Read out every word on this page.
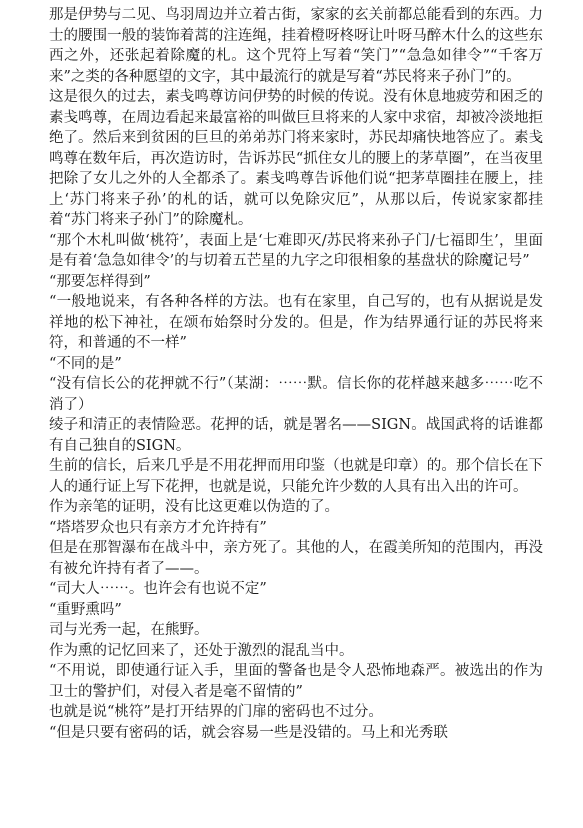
那是伊势与二见、鸟羽周边并立着古街，家家的玄关前都总能看到的东西。力士的腰围一般的装饰着蒿的注连绳，挂着橙呀柊呀让叶呀马醉木什么的这些东西之外，还张起着除魔的札。这个咒符上写着“笑门”“急急如律令”“千客万来”之类的各种愿望的文字，其中最流行的就是写着“苏民将来子孙门”的。

这是很久的过去，素戋鸣尊访问伊势的时候的传说。没有休息地疲劳和困乏的素戋鸣尊，在周边看起来最富裕的叫做巨旦将来的人家中求宿，却被冷淡地拒绝了。然后来到贫困的巨旦的弟弟苏门将来家时，苏民却痛快地答应了。素戋鸣尊在数年后，再次造访时，告诉苏民“抓住女儿的腰上的茅草圈”，在当夜里把除了女儿之外的人全都杀了。素戋鸣尊告诉他们说“把茅草圈挂在腰上，挂上‘苏门将来子孙’的札的话，就可以免除灾厄”，从那以后，传说家家都挂着“苏门将来子孙门”的除魔札。

“那个木札叫做‘桃符’，表面上是‘七难即灭/苏民将来孙子门/七福即生’，里面是有着‘急急如律令’的与切着五芒星的九字之印很相象的基盘状的除魔记号”

“那要怎样得到”

“一般地说来，有各种各样的方法。也有在家里，自己写的，也有从据说是发祥地的松下神社，在颂布始祭时分发的。但是，作为结界通行证的苏民将来符，和普通的不一样”

“不同的是”

“没有信长公的花押就不行”（某湖：⋯⋯默。信长你的花样越来越多⋯⋯吃不消了）

绫子和清正的表情险恶。花押的话，就是署名——SIGN。战国武将的话谁都有自己独自的SIGN。

生前的信长，后来几乎是不用花押而用印鉴（也就是印章）的。那个信长在下人的通行证上写下花押，也就是说，只能允许少数的人具有出入出的许可。

作为亲笔的证明，没有比这更难以伪造的了。

“塔塔罗众也只有亲方才允许持有”

但是在那智瀑布在战斗中，亲方死了。其他的人，在霞美所知的范围内，再没有被允许持有者了——。

“司大人⋯⋯。也许会有也说不定”

“重野熏吗”

司与光秀一起，在熊野。

作为熏的记忆回来了，还处于激烈的混乱当中。

“不用说，即使通行证入手，里面的警备也是令人恐怖地森严。被选出的作为卫士的警护们，对侵入者是毫不留情的”

也就是说“桃符”是打开结界的门扉的密码也不过分。

“但是只要有密码的话，就会容易一些是没错的。马上和光秀联
